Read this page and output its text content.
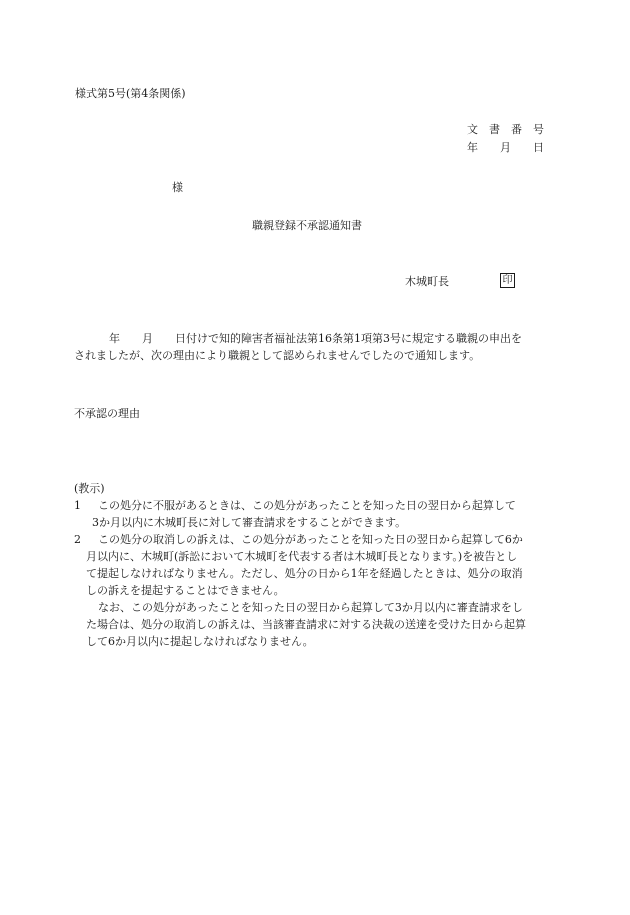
様式第5号(第4条関係)
文　書　番　号
年　　月　　日
様
職親登録不承認通知書
木城町長	印
年　　月　　日付けで知的障害者福祉法第16条第1項第3号に規定する職親の申出を
されましたが、次の理由により職親として認められませんでしたので通知します。
不承認の理由
(教示)
1	この処分に不服があるときは、この処分があったことを知った日の翌日から起算して
3か月以内に木城町長に対して審査請求をすることができます。
2	この処分の取消しの訴えは、この処分があったことを知った日の翌日から起算して6か
月以内に、木城町(訴訟において木城町を代表する者は木城町長となります。)を被告とし
て提起しなければなりません。ただし、処分の日から1年を経過したときは、処分の取消
しの訴えを提起することはできません。
なお、この処分があったことを知った日の翌日から起算して3か月以内に審査請求をし
た場合は、処分の取消しの訴えは、当該審査請求に対する決裁の送達を受けた日から起算
して6か月以内に提起しなければなりません。
